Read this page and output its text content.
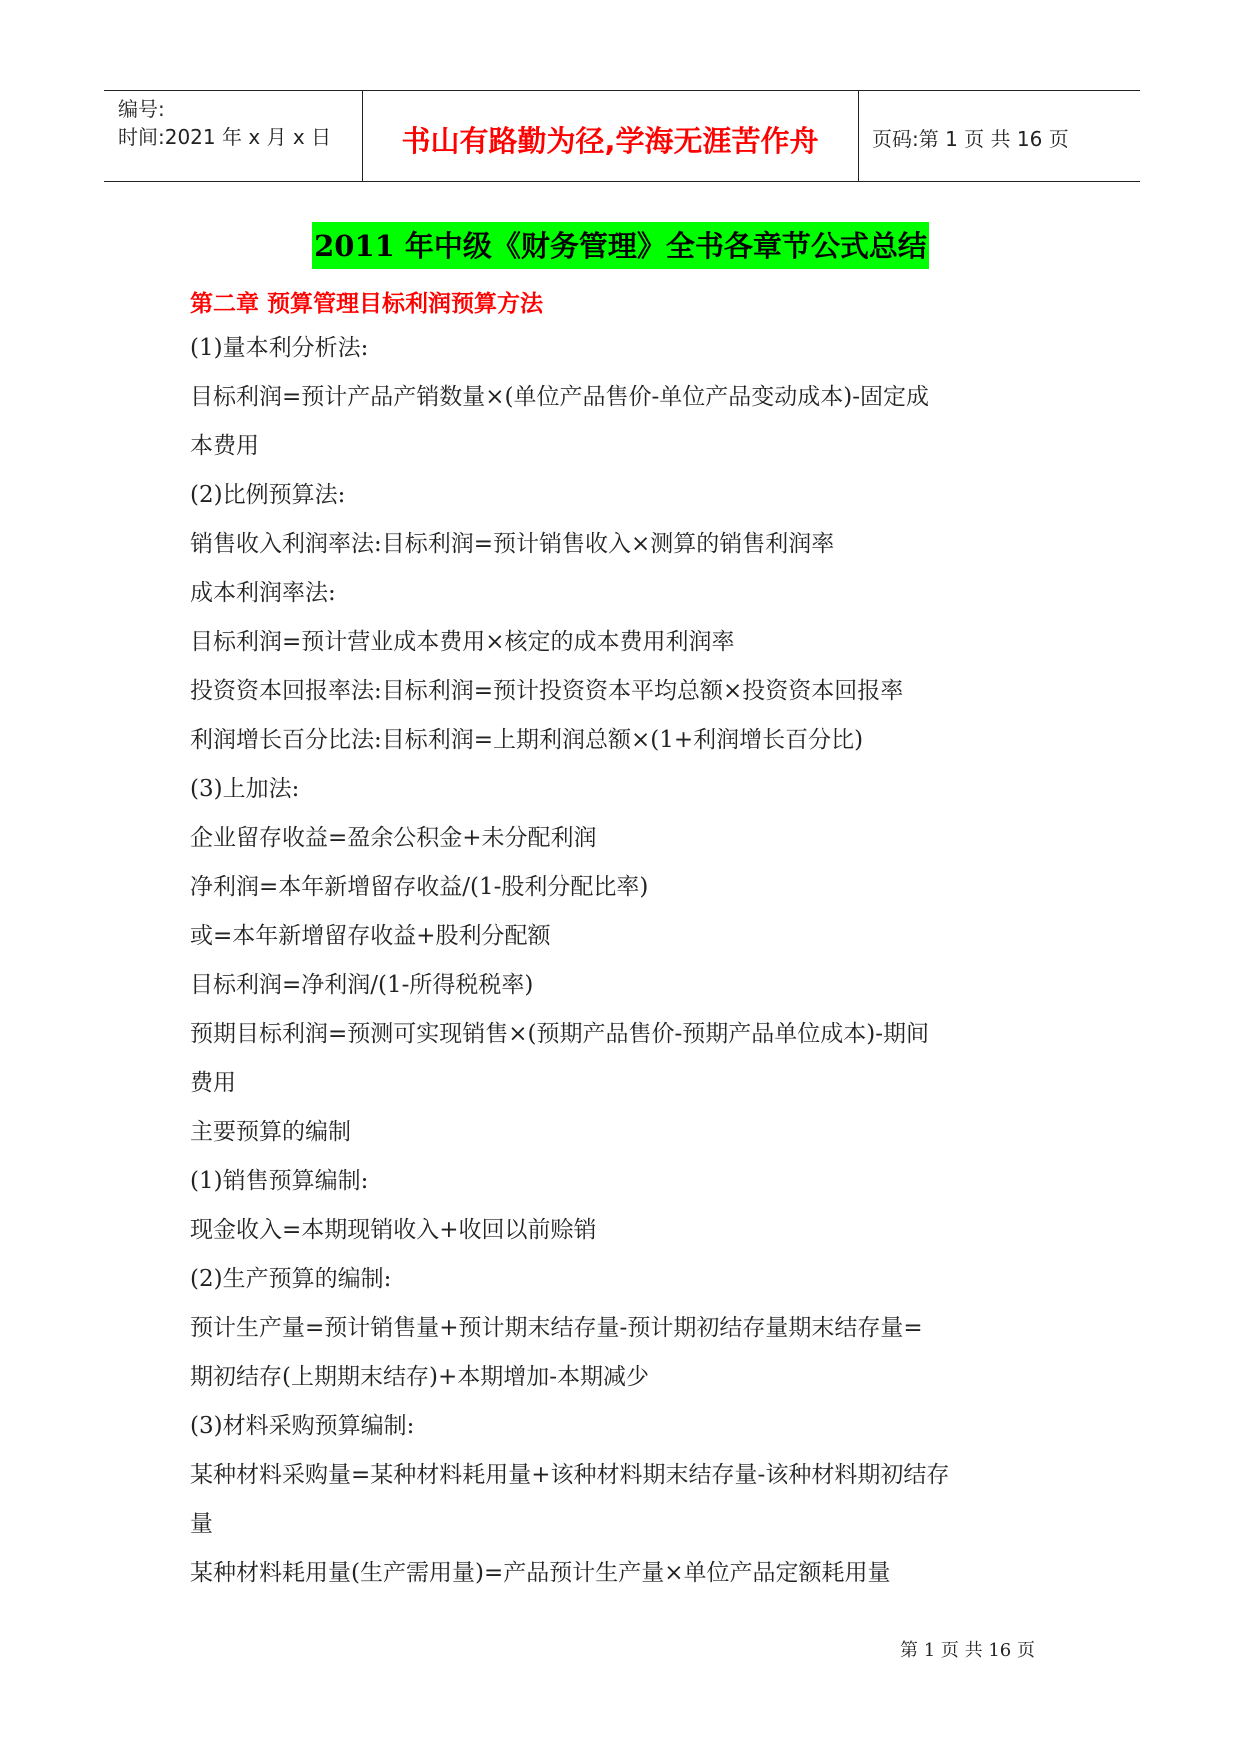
编号:
时间:2021 年 x 月 x 日	书山有路勤为径,学海无涯苦作舟	页码:第 1 页 共 16 页
2011 年中级《财务管理》全书各章节公式总结
第二章 预算管理目标利润预算方法
(1)量本利分析法:
目标利润=预计产品产销数量×(单位产品售价-单位产品变动成本)-固定成
本费用
(2)比例预算法:
销售收入利润率法:目标利润=预计销售收入×测算的销售利润率
成本利润率法:
目标利润=预计营业成本费用×核定的成本费用利润率
投资资本回报率法:目标利润=预计投资资本平均总额×投资资本回报率
利润增长百分比法:目标利润=上期利润总额×(1+利润增长百分比)
(3)上加法:
企业留存收益=盈余公积金+未分配利润
净利润=本年新增留存收益/(1-股利分配比率)
或=本年新增留存收益+股利分配额
目标利润=净利润/(1-所得税税率)
预期目标利润=预测可实现销售×(预期产品售价-预期产品单位成本)-期间
费用
主要预算的编制
(1)销售预算编制:
现金收入=本期现销收入+收回以前赊销
(2)生产预算的编制:
预计生产量=预计销售量+预计期末结存量-预计期初结存量期末结存量=
期初结存(上期期末结存)+本期增加-本期减少
(3)材料采购预算编制:
某种材料采购量=某种材料耗用量+该种材料期末结存量-该种材料期初结存
量
某种材料耗用量(生产需用量)=产品预计生产量×单位产品定额耗用量
第 1 页 共 16 页
